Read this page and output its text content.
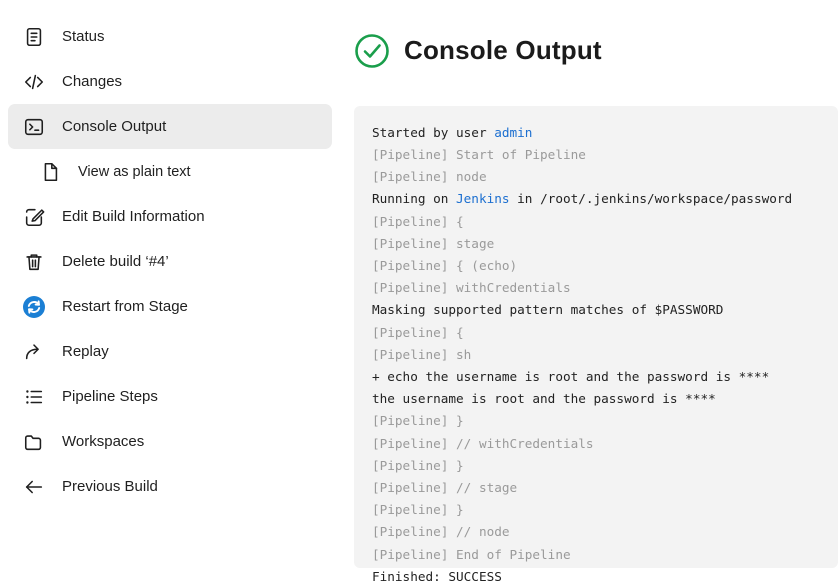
Status
Changes
Console Output
View as plain text
Edit Build Information
Delete build ‘#4’
Restart from Stage
Replay
Pipeline Steps
Workspaces
Previous Build
Console Output
Started by user admin
[Pipeline] Start of Pipeline
[Pipeline] node
Running on Jenkins in /root/.jenkins/workspace/password
[Pipeline] {
[Pipeline] stage
[Pipeline] { (echo)
[Pipeline] withCredentials
Masking supported pattern matches of $PASSWORD
[Pipeline] {
[Pipeline] sh
+ echo the username is root and the password is ****
the username is root and the password is ****
[Pipeline] }
[Pipeline] // withCredentials
[Pipeline] }
[Pipeline] // stage
[Pipeline] }
[Pipeline] // node
[Pipeline] End of Pipeline
Finished: SUCCESS
